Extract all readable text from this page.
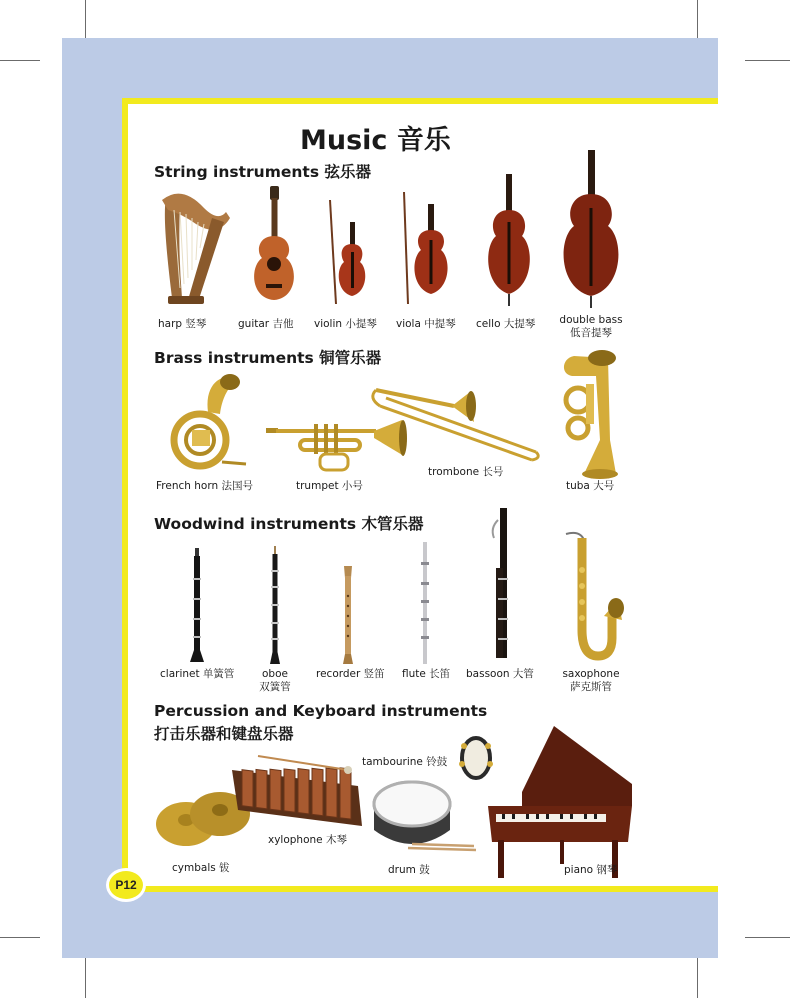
Music 音乐
String instruments 弦乐器
harp 竖琴	guitar 吉他 violin 小提琴 viola 中提琴 cello 大提琴 double bass
低音提琴
Brass instruments 铜管乐器
French horn 法国号	trumpet 小号
trombone 长号
tuba 大号
Woodwind instruments 木管乐器
clarinet 单簧管	oboe
双簧管
recorder 竖笛 flute 长笛 bassoon 大管	saxophone
萨克斯管
Percussion and Keyboard instruments
打击乐器和键盘乐器
cymbals 钹
xylophone 木琴
tambourine 铃鼓
drum 鼓	piano 钢琴
P12
